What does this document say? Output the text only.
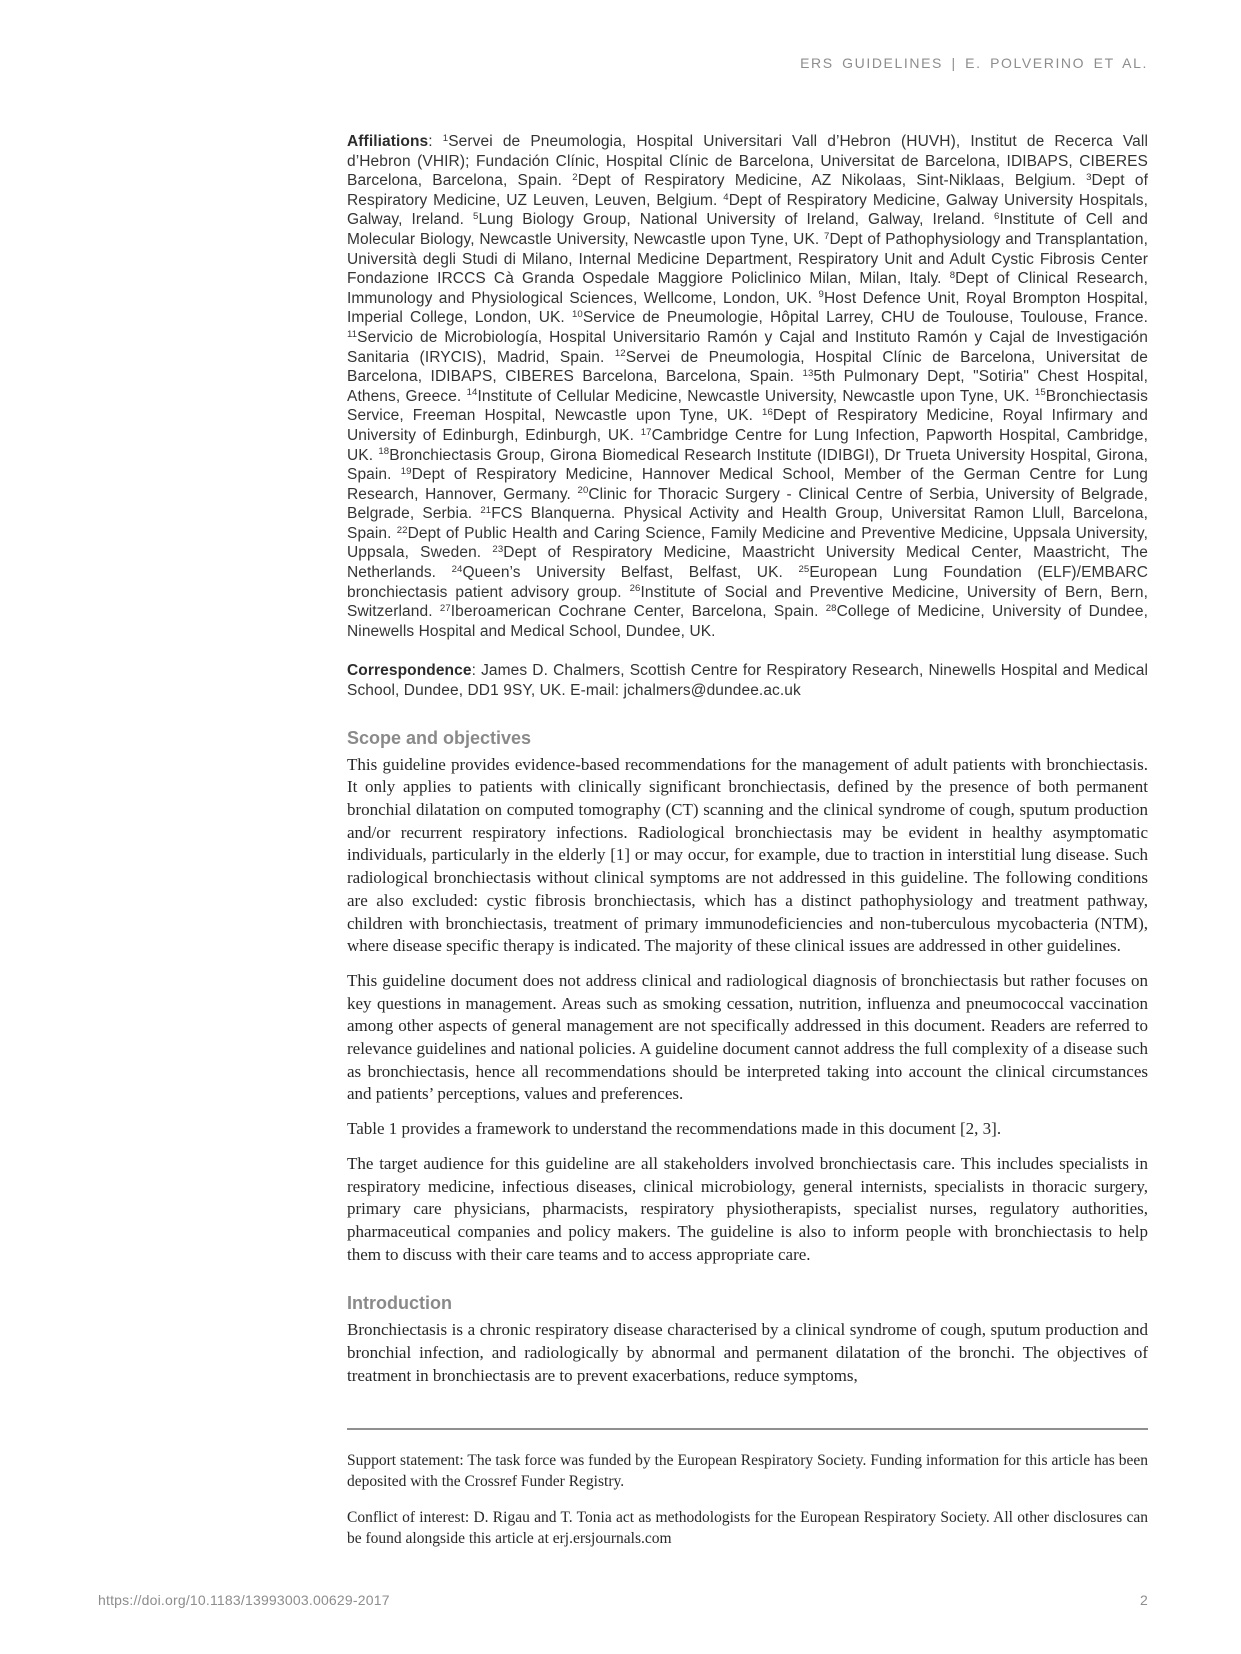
ERS GUIDELINES | E. POLVERINO ET AL.

Affiliations: $^1$Servei de Pneumologia, Hospital Universitari Vall d’Hebron (HUVH), Institut de Recerca Vall d’Hebron (VHIR); Fundación Clínic, Hospital Clínic de Barcelona, Universitat de Barcelona, IDIBAPS, CIBERES Barcelona, Barcelona, Spain. $^2$Dept of Respiratory Medicine, AZ Nikolaas, Sint-Niklaas, Belgium. $^3$Dept of Respiratory Medicine, UZ Leuven, Leuven, Belgium. $^4$Dept of Respiratory Medicine, Galway University Hospitals, Galway, Ireland. $^5$Lung Biology Group, National University of Ireland, Galway, Ireland. $^6$Institute of Cell and Molecular Biology, Newcastle University, Newcastle upon Tyne, UK. $^7$Dept of Pathophysiology and Transplantation, Università degli Studi di Milano, Internal Medicine Department, Respiratory Unit and Adult Cystic Fibrosis Center Fondazione IRCCS Cà Granda Ospedale Maggiore Policlinico Milan, Milan, Italy. $^8$Dept of Clinical Research, Immunology and Physiological Sciences, Wellcome, London, UK. $^9$Host Defence Unit, Royal Brompton Hospital, Imperial College, London, UK. $^{10}$Service de Pneumologie, Hôpital Larrey, CHU de Toulouse, Toulouse, France. $^{11}$Servicio de Microbiología, Hospital Universitario Ramón y Cajal and Instituto Ramón y Cajal de Investigación Sanitaria (IRYCIS), Madrid, Spain. $^{12}$Servei de Pneumologia, Hospital Clínic de Barcelona, Universitat de Barcelona, IDIBAPS, CIBERES Barcelona, Barcelona, Spain. $^{13}$5th Pulmonary Dept, "Sotiria" Chest Hospital, Athens, Greece. $^{14}$Institute of Cellular Medicine, Newcastle University, Newcastle upon Tyne, UK. $^{15}$Bronchiectasis Service, Freeman Hospital, Newcastle upon Tyne, UK. $^{16}$Dept of Respiratory Medicine, Royal Infirmary and University of Edinburgh, Edinburgh, UK. $^{17}$Cambridge Centre for Lung Infection, Papworth Hospital, Cambridge, UK. $^{18}$Bronchiectasis Group, Girona Biomedical Research Institute (IDIBGI), Dr Trueta University Hospital, Girona, Spain. $^{19}$Dept of Respiratory Medicine, Hannover Medical School, Member of the German Centre for Lung Research, Hannover, Germany. $^{20}$Clinic for Thoracic Surgery - Clinical Centre of Serbia, University of Belgrade, Belgrade, Serbia. $^{21}$FCS Blanquerna. Physical Activity and Health Group, Universitat Ramon Llull, Barcelona, Spain. $^{22}$Dept of Public Health and Caring Science, Family Medicine and Preventive Medicine, Uppsala University, Uppsala, Sweden. $^{23}$Dept of Respiratory Medicine, Maastricht University Medical Center, Maastricht, The Netherlands. $^{24}$Queen’s University Belfast, Belfast, UK. $^{25}$European Lung Foundation (ELF)/EMBARC bronchiectasis patient advisory group. $^{26}$Institute of Social and Preventive Medicine, University of Bern, Bern, Switzerland. $^{27}$Iberoamerican Cochrane Center, Barcelona, Spain. $^{28}$College of Medicine, University of Dundee, Ninewells Hospital and Medical School, Dundee, UK.

Correspondence: James D. Chalmers, Scottish Centre for Respiratory Research, Ninewells Hospital and Medical School, Dundee, DD1 9SY, UK. E-mail: jchalmers@dundee.ac.uk

Scope and objectives

This guideline provides evidence-based recommendations for the management of adult patients with bronchiectasis. It only applies to patients with clinically significant bronchiectasis, defined by the presence of both permanent bronchial dilatation on computed tomography (CT) scanning and the clinical syndrome of cough, sputum production and/or recurrent respiratory infections. Radiological bronchiectasis may be evident in healthy asymptomatic individuals, particularly in the elderly [1] or may occur, for example, due to traction in interstitial lung disease. Such radiological bronchiectasis without clinical symptoms are not addressed in this guideline. The following conditions are also excluded: cystic fibrosis bronchiectasis, which has a distinct pathophysiology and treatment pathway, children with bronchiectasis, treatment of primary immunodeficiencies and non-tuberculous mycobacteria (NTM), where disease specific therapy is indicated. The majority of these clinical issues are addressed in other guidelines.

This guideline document does not address clinical and radiological diagnosis of bronchiectasis but rather focuses on key questions in management. Areas such as smoking cessation, nutrition, influenza and pneumococcal vaccination among other aspects of general management are not specifically addressed in this document. Readers are referred to relevance guidelines and national policies. A guideline document cannot address the full complexity of a disease such as bronchiectasis, hence all recommendations should be interpreted taking into account the clinical circumstances and patients’ perceptions, values and preferences.

Table 1 provides a framework to understand the recommendations made in this document [2, 3].

The target audience for this guideline are all stakeholders involved bronchiectasis care. This includes specialists in respiratory medicine, infectious diseases, clinical microbiology, general internists, specialists in thoracic surgery, primary care physicians, pharmacists, respiratory physiotherapists, specialist nurses, regulatory authorities, pharmaceutical companies and policy makers. The guideline is also to inform people with bronchiectasis to help them to discuss with their care teams and to access appropriate care.

Introduction

Bronchiectasis is a chronic respiratory disease characterised by a clinical syndrome of cough, sputum production and bronchial infection, and radiologically by abnormal and permanent dilatation of the bronchi. The objectives of treatment in bronchiectasis are to prevent exacerbations, reduce symptoms,

Support statement: The task force was funded by the European Respiratory Society. Funding information for this article has been deposited with the Crossref Funder Registry.

Conflict of interest: D. Rigau and T. Tonia act as methodologists for the European Respiratory Society. All other disclosures can be found alongside this article at erj.ersjournals.com

https://doi.org/10.1183/13993003.00629-2017	2
